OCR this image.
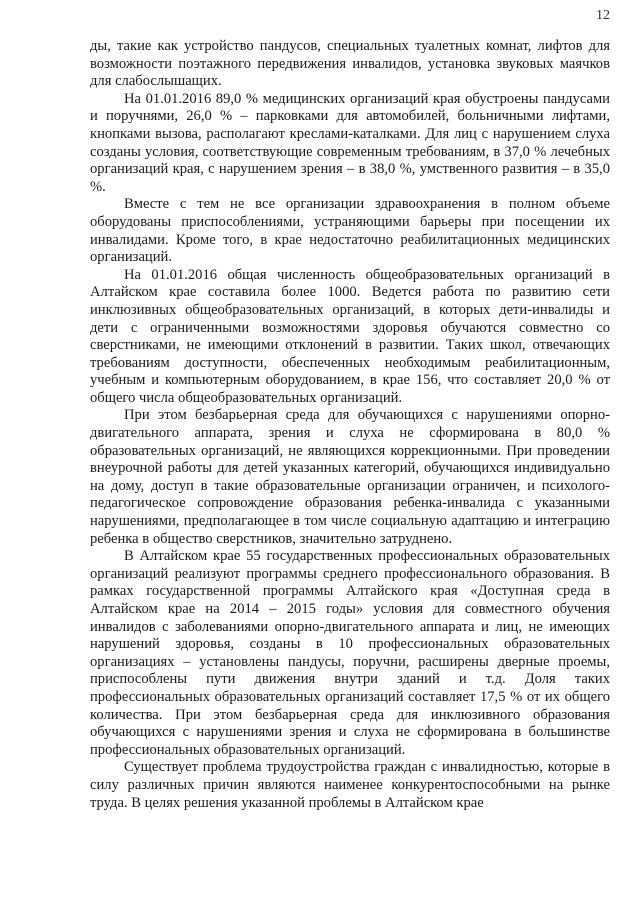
12

ды, такие как устройство пандусов, специальных туалетных комнат, лифтов для возможности поэтажного передвижения инвалидов, установка звуковых маячков для слабослышащих.

На 01.01.2016 89,0 % медицинских организаций края обустроены пандусами и поручнями, 26,0 % – парковками для автомобилей, больничными лифтами, кнопками вызова, располагают креслами-каталками. Для лиц с нарушением слуха созданы условия, соответствующие современным требованиям, в 37,0 % лечебных организаций края, с нарушением зрения – в 38,0 %, умственного развития – в 35,0 %.

Вместе с тем не все организации здравоохранения в полном объеме оборудованы приспособлениями, устраняющими барьеры при посещении их инвалидами. Кроме того, в крае недостаточно реабилитационных медицинских организаций.

На 01.01.2016 общая численность общеобразовательных организаций в Алтайском крае составила более 1000. Ведется работа по развитию сети инклюзивных общеобразовательных организаций, в которых дети-инвалиды и дети с ограниченными возможностями здоровья обучаются совместно со сверстниками, не имеющими отклонений в развитии. Таких школ, отвечающих требованиям доступности, обеспеченных необходимым реабилитационным, учебным и компьютерным оборудованием, в крае 156, что составляет 20,0 % от общего числа общеобразовательных организаций.

При этом безбарьерная среда для обучающихся с нарушениями опорно-двигательного аппарата, зрения и слуха не сформирована в 80,0 % образовательных организаций, не являющихся коррекционными. При проведении внеурочной работы для детей указанных категорий, обучающихся индивидуально на дому, доступ в такие образовательные организации ограничен, и психолого-педагогическое сопровождение образования ребенка-инвалида с указанными нарушениями, предполагающее в том числе социальную адаптацию и интеграцию ребенка в общество сверстников, значительно затруднено.

В Алтайском крае 55 государственных профессиональных образовательных организаций реализуют программы среднего профессионального образования. В рамках государственной программы Алтайского края «Доступная среда в Алтайском крае на 2014 – 2015 годы» условия для совместного обучения инвалидов с заболеваниями опорно-двигательного аппарата и лиц, не имеющих нарушений здоровья, созданы в 10 профессиональных образовательных организациях – установлены пандусы, поручни, расширены дверные проемы, приспособлены пути движения внутри зданий и т.д. Доля таких профессиональных образовательных организаций составляет 17,5 % от их общего количества. При этом безбарьерная среда для инклюзивного образования обучающихся с нарушениями зрения и слуха не сформирована в большинстве профессиональных образовательных организаций.

Существует проблема трудоустройства граждан с инвалидностью, которые в силу различных причин являются наименее конкурентоспособными на рынке труда. В целях решения указанной проблемы в Алтайском крае
